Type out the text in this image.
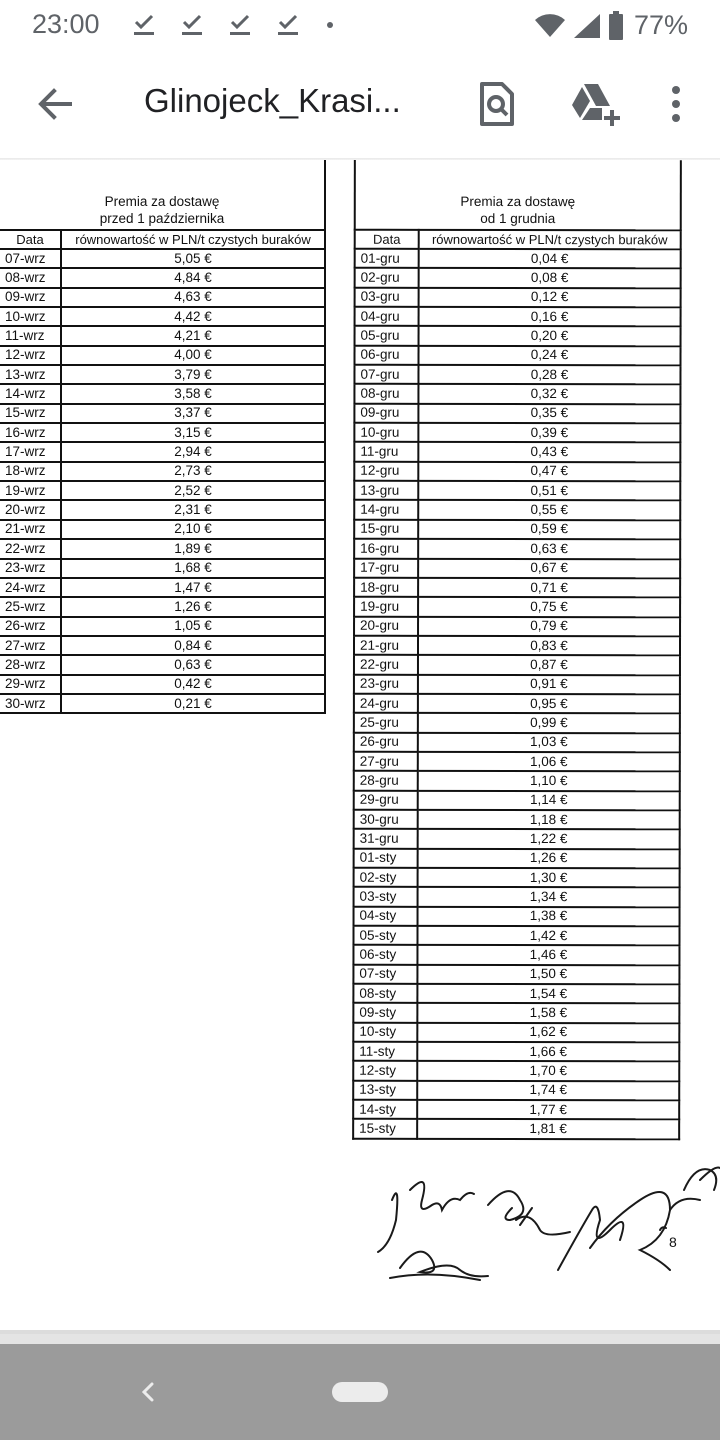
23:00	77%
Glinojeck_Krasi...
Premia za dostawę
przed 1 października	

Data	równowartość w PLN/t czystych buraków
07-wrz	5,05 €
08-wrz	4,84 €
09-wrz	4,63 €
10-wrz	4,42 €
11-wrz	4,21 €
12-wrz	4,00 €
13-wrz	3,79 €
14-wrz	3,58 €
15-wrz	3,37 €
16-wrz	3,15 €
17-wrz	2,94 €
18-wrz	2,73 €
19-wrz	2,52 €
20-wrz	2,31 €
21-wrz	2,10 €
22-wrz	1,89 €
23-wrz	1,68 €
24-wrz	1,47 €
25-wrz	1,26 €
26-wrz	1,05 €
27-wrz	0,84 €
28-wrz	0,63 €
29-wrz	0,42 €
30-wrz	0,21 €
Premia za dostawę
od 1 grudnia	

Data	równowartość w PLN/t czystych buraków
01-gru	0,04 €
02-gru	0,08 €
03-gru	0,12 €
04-gru	0,16 €
05-gru	0,20 €
06-gru	0,24 €
07-gru	0,28 €
08-gru	0,32 €
09-gru	0,35 €
10-gru	0,39 €
11-gru	0,43 €
12-gru	0,47 €
13-gru	0,51 €
14-gru	0,55 €
15-gru	0,59 €
16-gru	0,63 €
17-gru	0,67 €
18-gru	0,71 €
19-gru	0,75 €
20-gru	0,79 €
21-gru	0,83 €
22-gru	0,87 €
23-gru	0,91 €
24-gru	0,95 €
25-gru	0,99 €
26-gru	1,03 €
27-gru	1,06 €
28-gru	1,10 €
29-gru	1,14 €
30-gru	1,18 €
31-gru	1,22 €
01-sty	1,26 €
02-sty	1,30 €
03-sty	1,34 €
04-sty	1,38 €
05-sty	1,42 €
06-sty	1,46 €
07-sty	1,50 €
08-sty	1,54 €
09-sty	1,58 €
10-sty	1,62 €
11-sty	1,66 €
12-sty	1,70 €
13-sty	1,74 €
14-sty	1,77 €
15-sty	1,81 €
8
